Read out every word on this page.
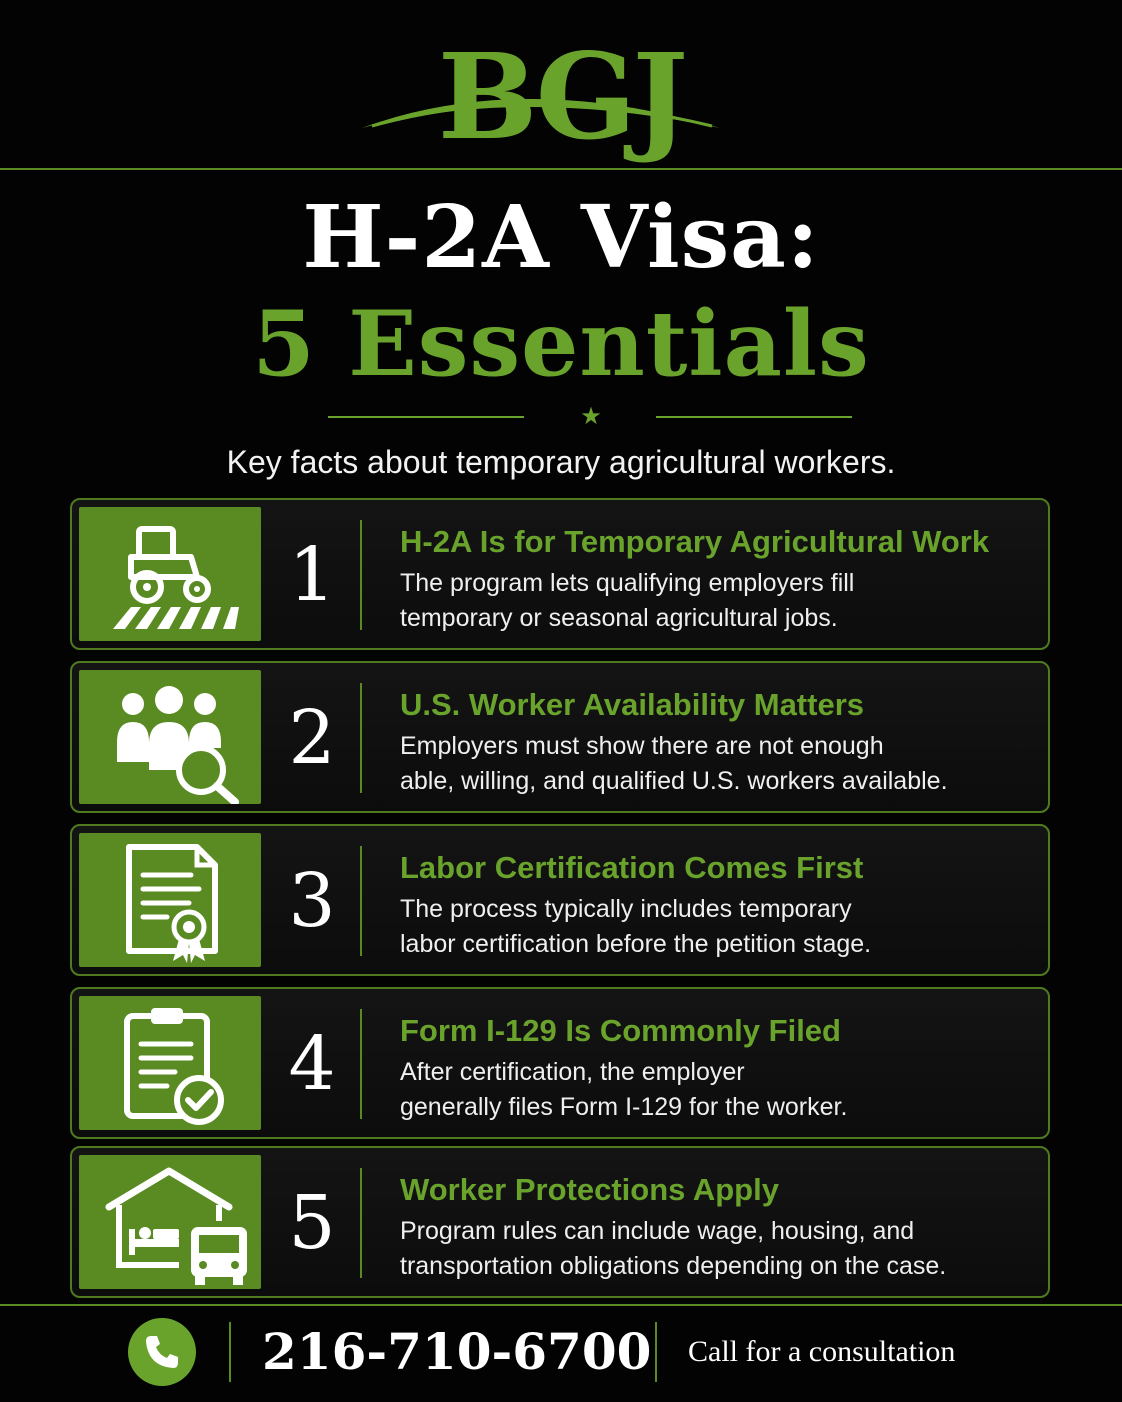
BGJ
H-2A Visa:
5 Essentials
★
Key facts about temporary agricultural workers.
1	H-2A Is for Temporary Agricultural Work
The program lets qualifying employers fill
temporary or seasonal agricultural jobs.
2	U.S. Worker Availability Matters
Employers must show there are not enough
able, willing, and qualified U.S. workers available.
3	Labor Certification Comes First
The process typically includes temporary
labor certification before the petition stage.
4	Form I-129 Is Commonly Filed
After certification, the employer
generally files Form I-129 for the worker.
5	Worker Protections Apply
Program rules can include wage, housing, and
transportation obligations depending on the case.
216-710-6700 Call for a consultation
